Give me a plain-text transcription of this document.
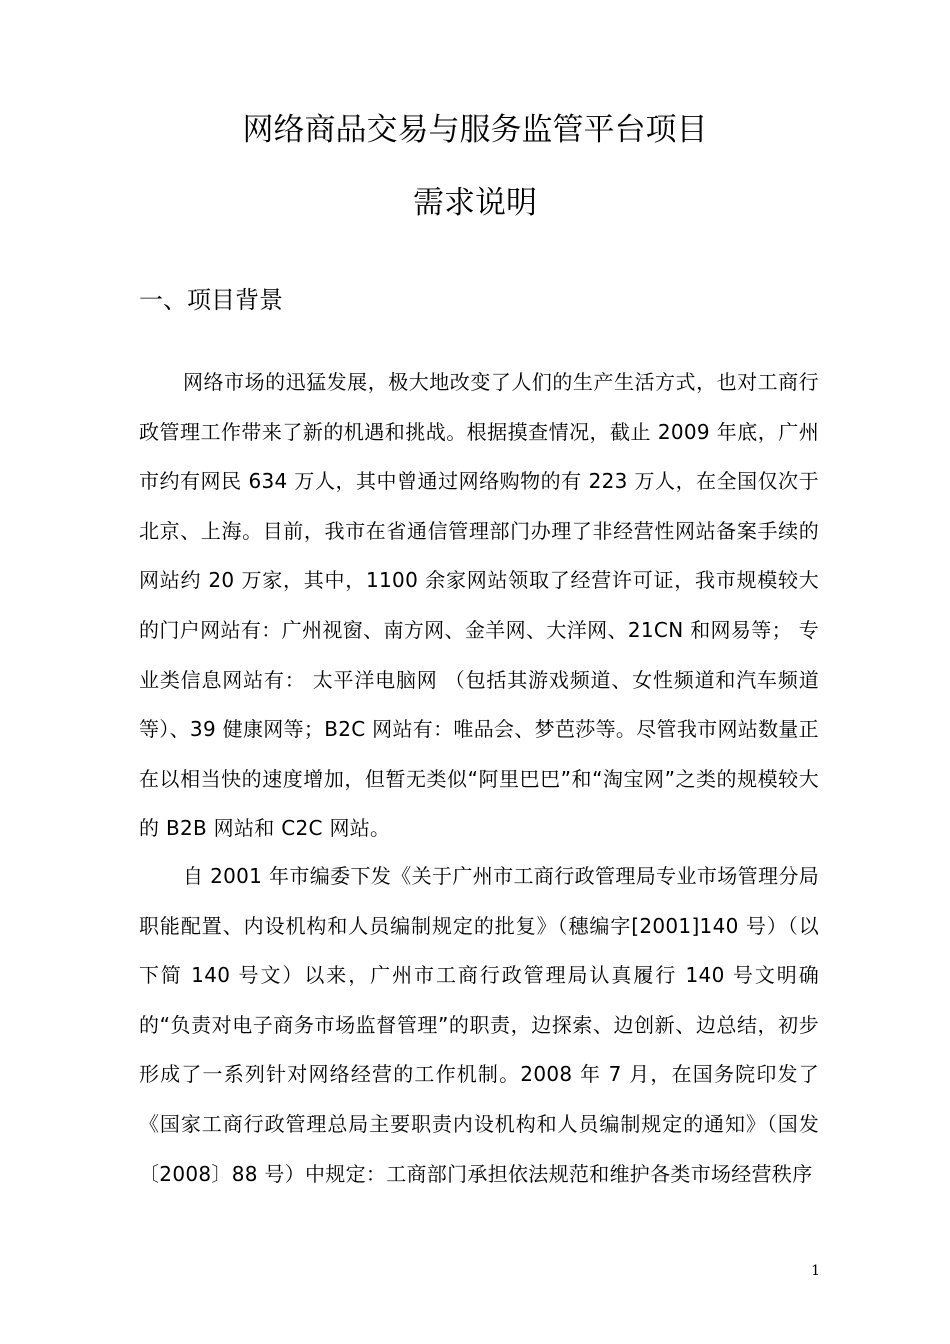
网络商品交易与服务监管平台项目
需求说明
一、项目背景

网络市场的迅猛发展，极大地改变了人们的生产生活方式，也对工商行政管理工作带来了新的机遇和挑战。根据摸查情况，截止 2009 年底，广州市约有网民 634 万人，其中曾通过网络购物的有 223 万人，在全国仅次于北京、上海。目前，我市在省通信管理部门办理了非经营性网站备案手续的网站约 20 万家，其中，1100 余家网站领取了经营许可证，我市规模较大的门户网站有：广州视窗、南方网、金羊网、大洋网、21CN 和网易等； 专业类信息网站有： 太平洋电脑网 （包括其游戏频道、女性频道和汽车频道等）、39 健康网等；B2C 网站有：唯品会、梦芭莎等。尽管我市网站数量正在以相当快的速度增加，但暂无类似“阿里巴巴”和“淘宝网”之类的规模较大的 B2B 网站和 C2C 网站。

自 2001 年市编委下发《关于广州市工商行政管理局专业市场管理分局职能配置、内设机构和人员编制规定的批复》（穗编字[2001]140 号）（以下简 140 号文）以来，广州市工商行政管理局认真履行 140 号文明确的“负责对电子商务市场监督管理”的职责，边探索、边创新、边总结，初步形成了一系列针对网络经营的工作机制。2008 年 7 月，在国务院印发了《国家工商行政管理总局主要职责内设机构和人员编制规定的通知》（国发〔2008〕88 号）中规定：工商部门承担依法规范和维护各类市场经营秩序

1
